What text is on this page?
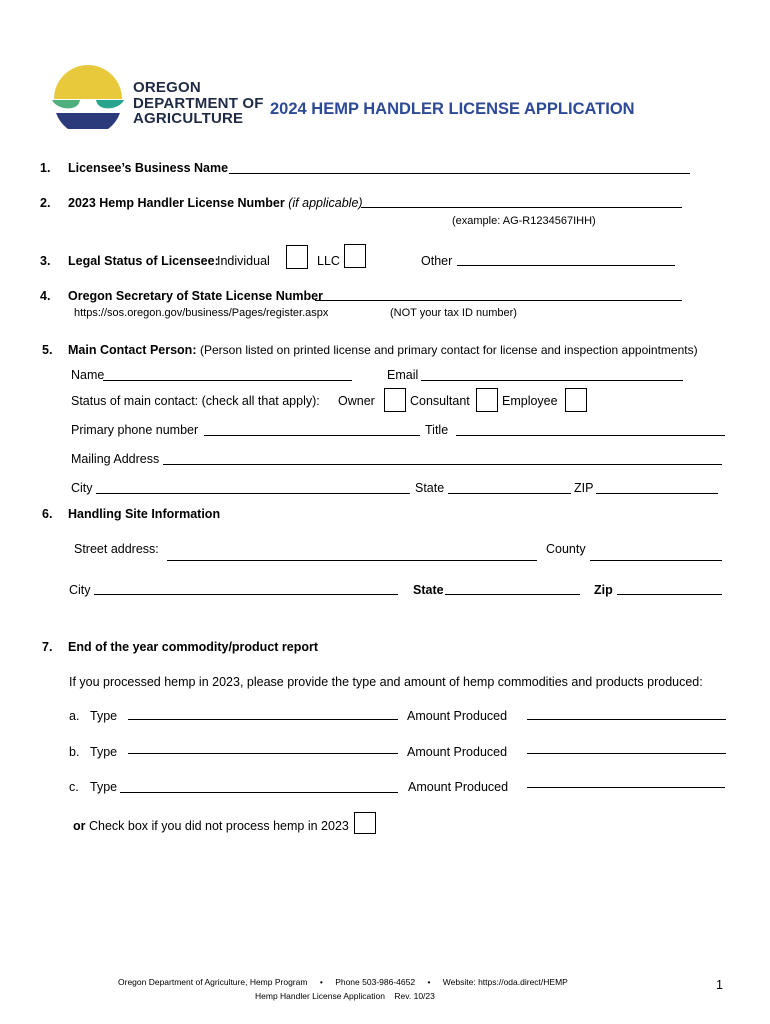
OREGON
DEPARTMENT OF
AGRICULTURE
2024 HEMP HANDLER LICENSE APPLICATION
1. Licensee’s Business Name
2. 2023 Hemp Handler License Number (if applicable)
(example: AG-R1234567IHH)
3. Legal Status of Licensee:
Individual	LLC	Other
4. Oregon Secretary of State License Number
https://sos.oregon.gov/business/Pages/register.aspx	(NOT your tax ID number)
5. Main Contact Person: (Person listed on printed license and primary contact for license and inspection appointments)
Name	Email
Status of main contact: (check all that apply): Owner	Consultant	Employee
Primary phone number	Title
Mailing Address
City	State	ZIP
6. Handling Site Information
Street address:	County
City	State	Zip
7. End of the year commodity/product report
If you processed hemp in 2023, please provide the type and amount of hemp commodities and products produced:
a. Type	Amount Produced
b. Type	Amount Produced
c. Type	Amount Produced
or Check box if you did not process hemp in 2023
Oregon Department of Agriculture, Hemp Program • Phone 503-986-4652 • Website: https://oda.direct/HEMP
Hemp Handler License Application    Rev. 10/23
1
